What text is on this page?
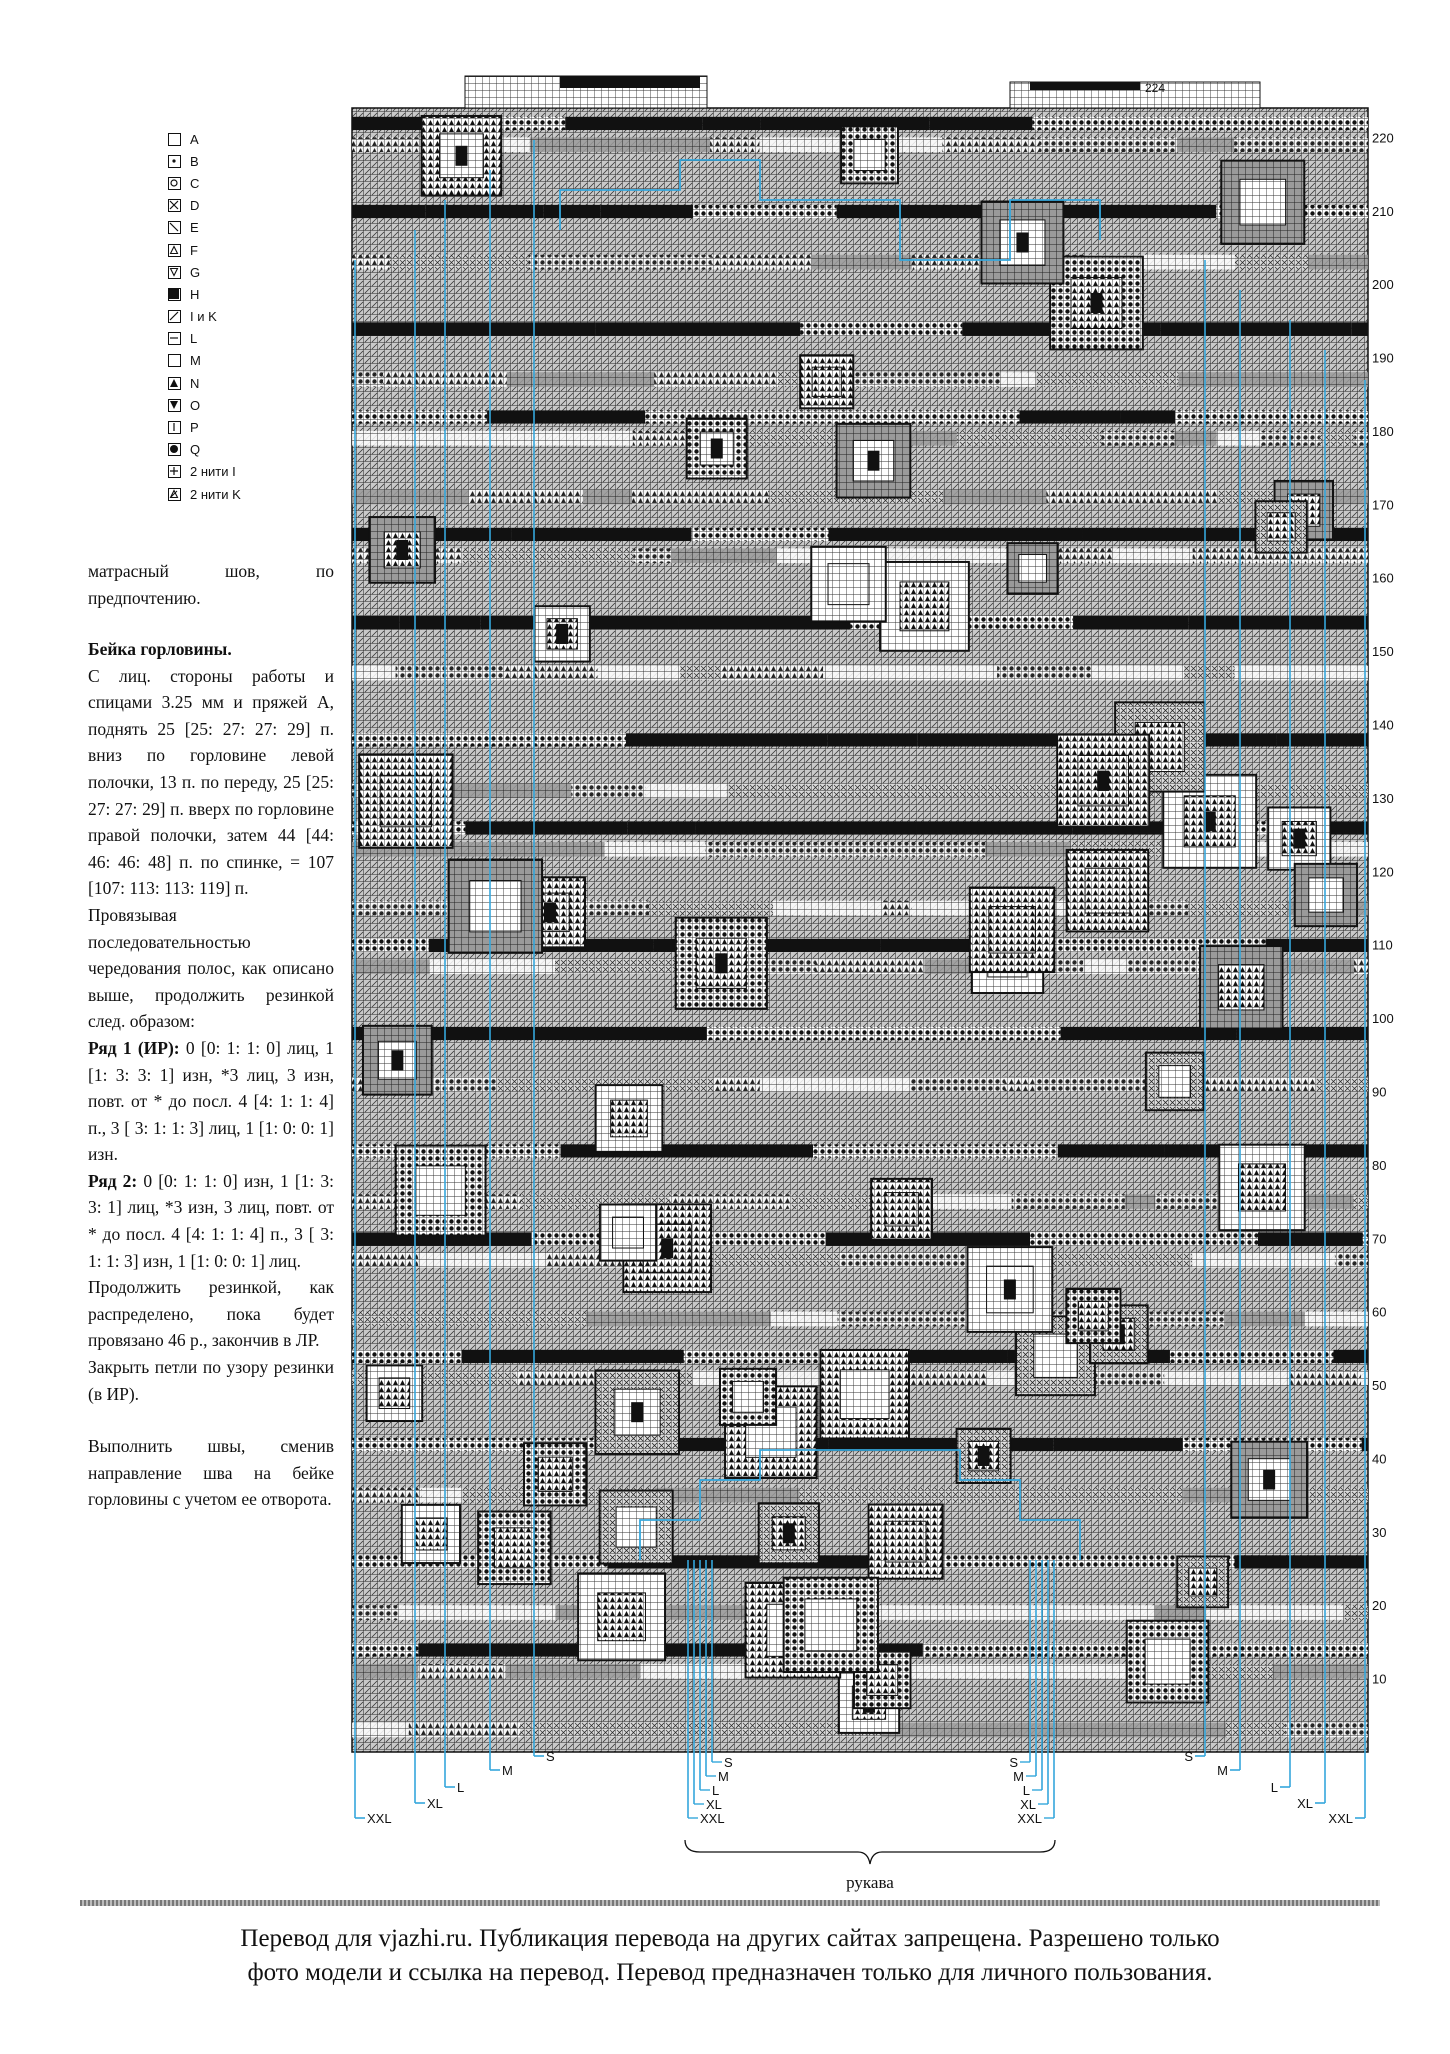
A
B
C
D
E
F
G
H
I и K
L
M
N
O
P
Q
2 нити I
2 нити K

матрасный шов, по предпочтению.

Бейка горловины.

С лиц. стороны работы и спицами 3.25 мм и пряжей А, поднять 25 [25: 27: 27: 29] п. вниз по горловине левой полочки, 13 п. по переду, 25 [25: 27: 27: 29] п. вверх по горловине правой полочки, затем 44 [44: 46: 46: 48] п. по спинке, = 107 [107: 113: 113: 119] п.

Провязывая последовательностью чередования полос, как описано выше, продолжить резинкой след. образом:

Ряд 1 (ИР): 0 [0: 1: 1: 0] лиц, 1 [1: 3: 3: 1] изн, *3 лиц, 3 изн, повт. от * до посл. 4 [4: 1: 1: 4] п., 3 [ 3: 1: 1: 3] лиц, 1 [1: 0: 0: 1] изн.

Ряд 2: 0 [0: 1: 1: 0] изн, 1 [1: 3: 3: 1] лиц, *3 изн, 3 лиц, повт. от * до посл. 4 [4: 1: 1: 4] п., 3 [ 3: 1: 1: 3] изн, 1 [1: 0: 0: 1] лиц.

Продолжить резинкой, как распределено, пока будет провязано 46 р., закончив в ЛР.

Закрыть петли по узору резинки (в ИР).

Выполнить швы, сменив направление шва на бейке горловины с учетом ее отворота.

224
10
20
30
40
50
60
70
80
90
100
110
120
130
140
150
160
170
180
190
200
210
220
S
M
L
XL
XXL
S
M
L
XL
XXL
S
M
L
XL
XXL
S
M
L
XL
XXL
рукава
Перевод для vjazhi.ru. Публикация перевода на других сайтах запрещена. Разрешено только
фото модели и ссылка на перевод. Перевод предназначен только для личного пользования.
